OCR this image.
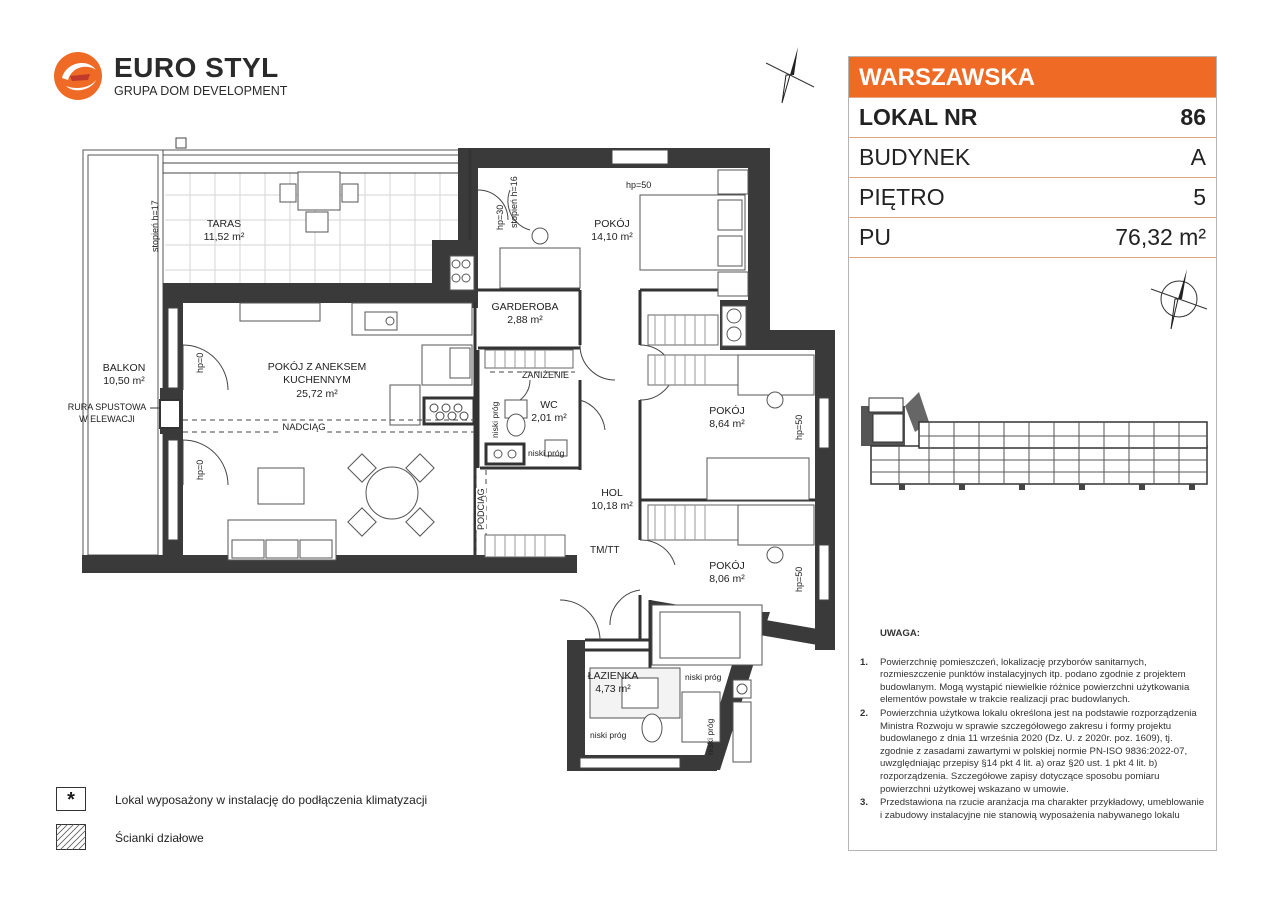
EURO STYL
GRUPA DOM DEVELOPMENT	WARSZAWSKA
LOKAL NR	86
BUDYNEK	A
PIĘTRO	5
PU	76,32 m²
UWAGA:
1. Powierzchnię pomieszczeń, lokalizację przyborów sanitarnych, rozmieszczenie punktów instalacyjnych itp. podano zgodnie z projektem budowlanym. Mogą wystąpić niewielkie różnice powierzchni użytkowania elementów powstałe w trakcie realizacji prac budowlanych.
2. Powierzchnia użytkowa lokalu określona jest na podstawie rozporządzenia Ministra Rozwoju w sprawie szczegółowego zakresu i formy projektu budowlanego z dnia 11 września 2020 (Dz. U. z 2020r. poz. 1609), tj. zgodnie z zasadami zawartymi w polskiej normie PN-ISO 9836:2022-07, uwzględniając przepisy §14 pkt 4 lit. a) oraz §20 ust. 1 pkt 4 lit. b) rozporządzenia. Szczegółowe zapisy dotyczące sposobu pomiaru powierzchni użytkowej wskazano w umowie.
3. Przedstawiona na rzucie aranżacja ma charakter przykładowy, umeblowanie i zabudowy instalacyjne nie stanowią wyposażenia nabywanego lokalu
*	Lokal wyposażony w instalację do podłączenia klimatyzacji
Ścianki działowe
TARAS
11,52 m²
BALKON
10,50 m²
POKÓJ Z ANEKSEM
KUCHENNYM
25,72 m²
GARDEROBA
2,88 m²
POKÓJ
14,10 m²
WC
2,01 m²
POKÓJ
8,64 m²
HOL
10,18 m²
POKÓJ
8,06 m²
ŁAZIENKA
4,73 m²
RURA SPUSTOWA
W ELEWACJI
NADCIĄG
PODCIĄG
ZANIŻENIE
TM/TT
hp=50
hp=30
hp=0
hp=0
hp=50
hp=50
stopień h=17	stopień h=16
niski próg
niski próg
niski próg
niski próg	niski próg
